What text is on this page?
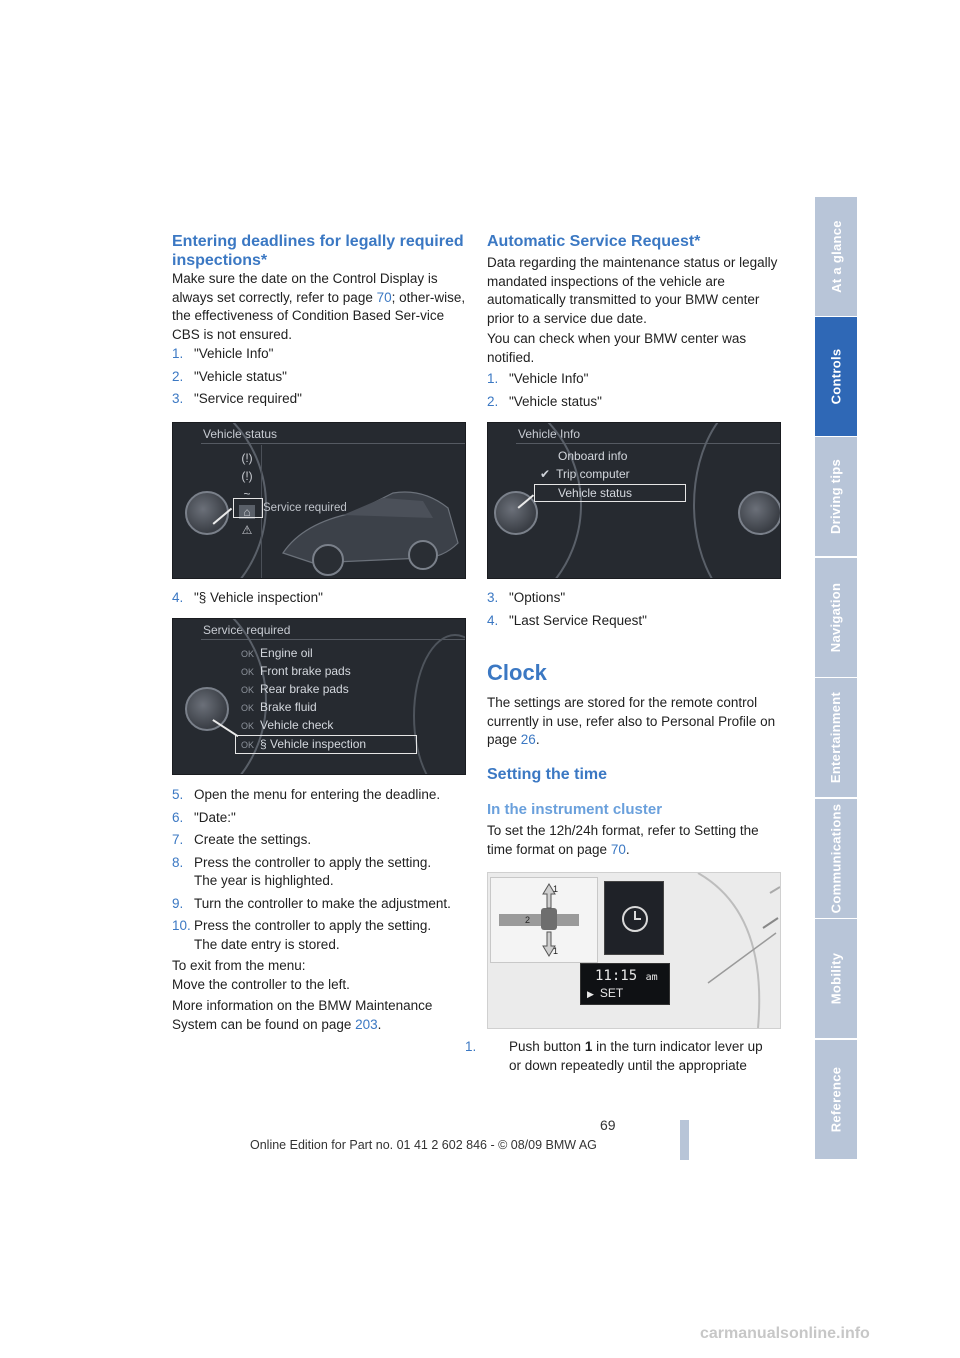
At a glance
Controls
Driving tips
Navigation
Entertainment
Communications
Mobility
Reference
Entering deadlines for legally required inspections*

Make sure the date on the Control Display is always set correctly, refer to page 70; other-wise, the effectiveness of Condition Based Ser-vice CBS is not ensured.

1. "Vehicle Info"
2. "Vehicle status"
3. "Service required"
Vehicle status
(!)
(!)
~
⌂
⚠
Service required
4. "§ Vehicle inspection"
Service required
OK Engine oil
OK Front brake pads
OK Rear brake pads
OK Brake fluid
OK Vehicle check
OK § Vehicle inspection
5. Open the menu for entering the deadline.
6. "Date:"
7. Create the settings.
8. Press the controller to apply the setting.
The year is highlighted.
9. Turn the controller to make the adjustment.
10. Press the controller to apply the setting.
The date entry is stored.

To exit from the menu:
Move the controller to the left.

More information on the BMW Maintenance System can be found on page 203.

Automatic Service Request*

Data regarding the maintenance status or legally mandated inspections of the vehicle are automatically transmitted to your BMW center prior to a service due date.

You can check when your BMW center was notified.

1. "Vehicle Info"
2. "Vehicle status"
Vehicle Info
Onboard info
✔ Trip computer
Vehicle status
3. "Options"
4. "Last Service Request"
Clock

The settings are stored for the remote control currently in use, refer also to Personal Profile on page 26.

Setting the time
In the instrument cluster

To set the 12h/24h format, refer to Setting the time format on page 70.

1
1
2
11:15 am
▶ SET
1. Push button 1 in the turn indicator lever up
or down repeatedly until the appropriate
69
Online Edition for Part no. 01 41 2 602 846 - © 08/09 BMW AG
carmanualsonline.info
